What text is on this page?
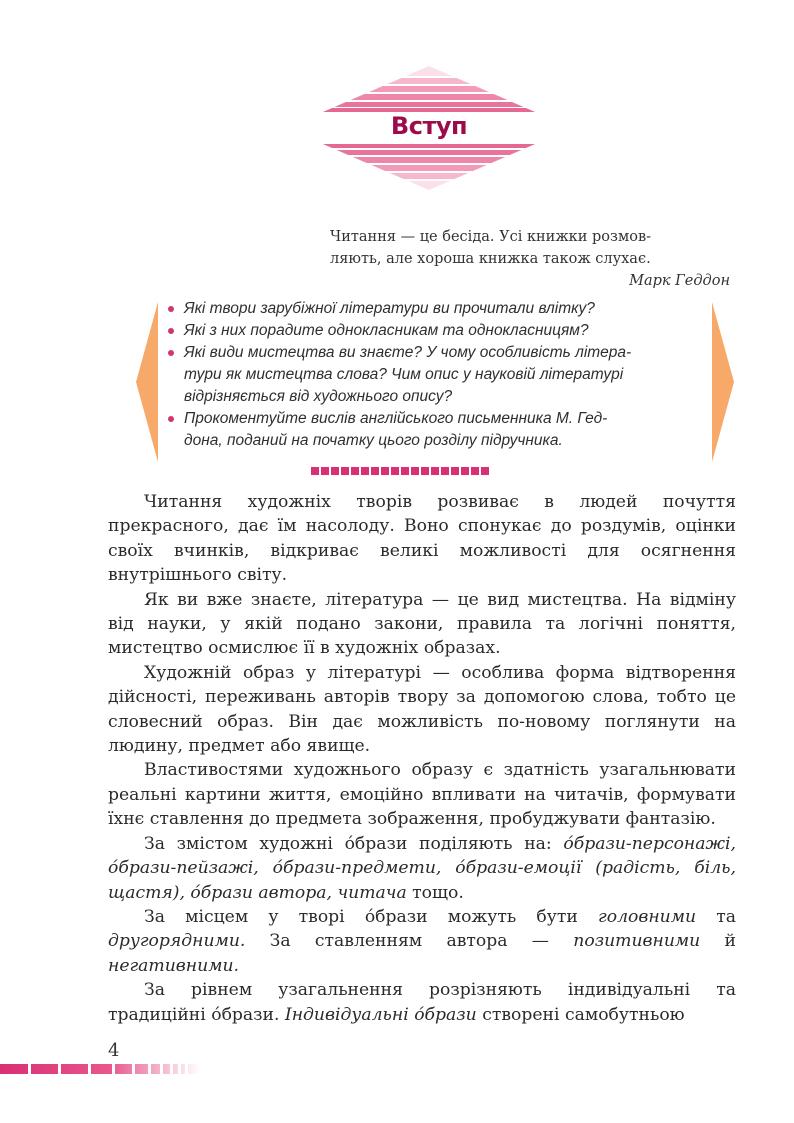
Вступ
Читання — це бесіда. Усі книжки розмов-
ляють, але хороша книжка також слухає.
Марк Геддон
Які твори зарубіжної літератури ви прочитали влітку?
Які з них порадите однокласникам та однокласницям?
Які види мистецтва ви знаєте? У чому особливість літера-
тури як мистецтва слова? Чим опис у науковій літературі
відрізняється від художнього опису?
Прокоментуйте вислів англійського письменника М. Гед-
дона, поданий на початку цього розділу підручника.

Читання художніх творів розвиває в людей почуття прекрасного, дає їм насолоду. Воно спонукає до роздумів, оцінки своїх вчинків, відкриває великі можливості для осягнення внутрішнього світу.

Як ви вже знаєте, література — це вид мистецтва. На відміну від науки, у якій подано закони, правила та логічні поняття, мистецтво осмислює її в художніх образах.

Художній образ у літературі — особлива форма відтворення дійсності, переживань авторів твору за допомогою слова, тобто це словесний образ. Він дає можливість по-новому поглянути на людину, предмет або явище.

Властивостями художнього образу є здатність узагальнювати реальні картини життя, емоційно впливати на читачів, формувати їхнє ставлення до предмета зображення, пробуджувати фантазію.

За змістом художні о́брази поділяють на: о́брази-персонажі, о́брази-пейзажі, о́брази-предмети, о́брази-емоції (радість, біль, щастя), о́брази автора, читача тощо.

За місцем у творі о́брази можуть бути головними та другорядними. За ставленням автора — позитивними й негативними.

За рівнем узагальнення розрізняють індивідуальні та традиційні о́брази. Індивідуальні о́брази створені самобутньою

4
